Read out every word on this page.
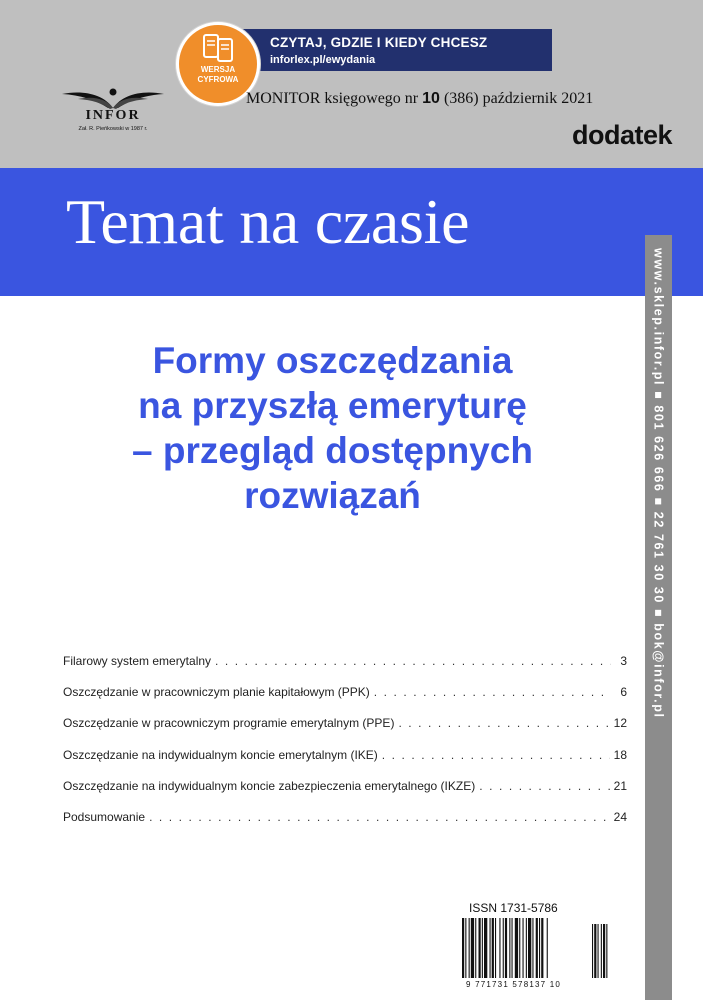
www.sklep.infor.pl ■ 801 626 666 ■ 22 761 30 30 ■ bok@infor.pl
CZYTAJ, GDZIE I KIEDY CHCESZ
inforlex.pl/ewydania
WERSJA
CYFROWA
INFOR
Zał. R. Pieńkowski w 1987 r.
MONITOR księgowego nr 10 (386) październik 2021
dodatek
Temat na czasie
Formy oszczędzania
na przyszłą emeryturę
– przegląd dostępnych
rozwiązań
Filarowy system emerytalny . . .	3
Oszczędzanie w pracowniczym planie kapitałowym (PPK) . . .	6
Oszczędzanie w pracowniczym programie emerytalnym (PPE) . . .	12
Oszczędzanie na indywidualnym koncie emerytalnym (IKE) . . .	18
Oszczędzanie na indywidualnym koncie zabezpieczenia emerytalnego (IKZE) . . .	21
Podsumowanie . . .	24
ISSN 1731-5786
9 771731 578137 10
